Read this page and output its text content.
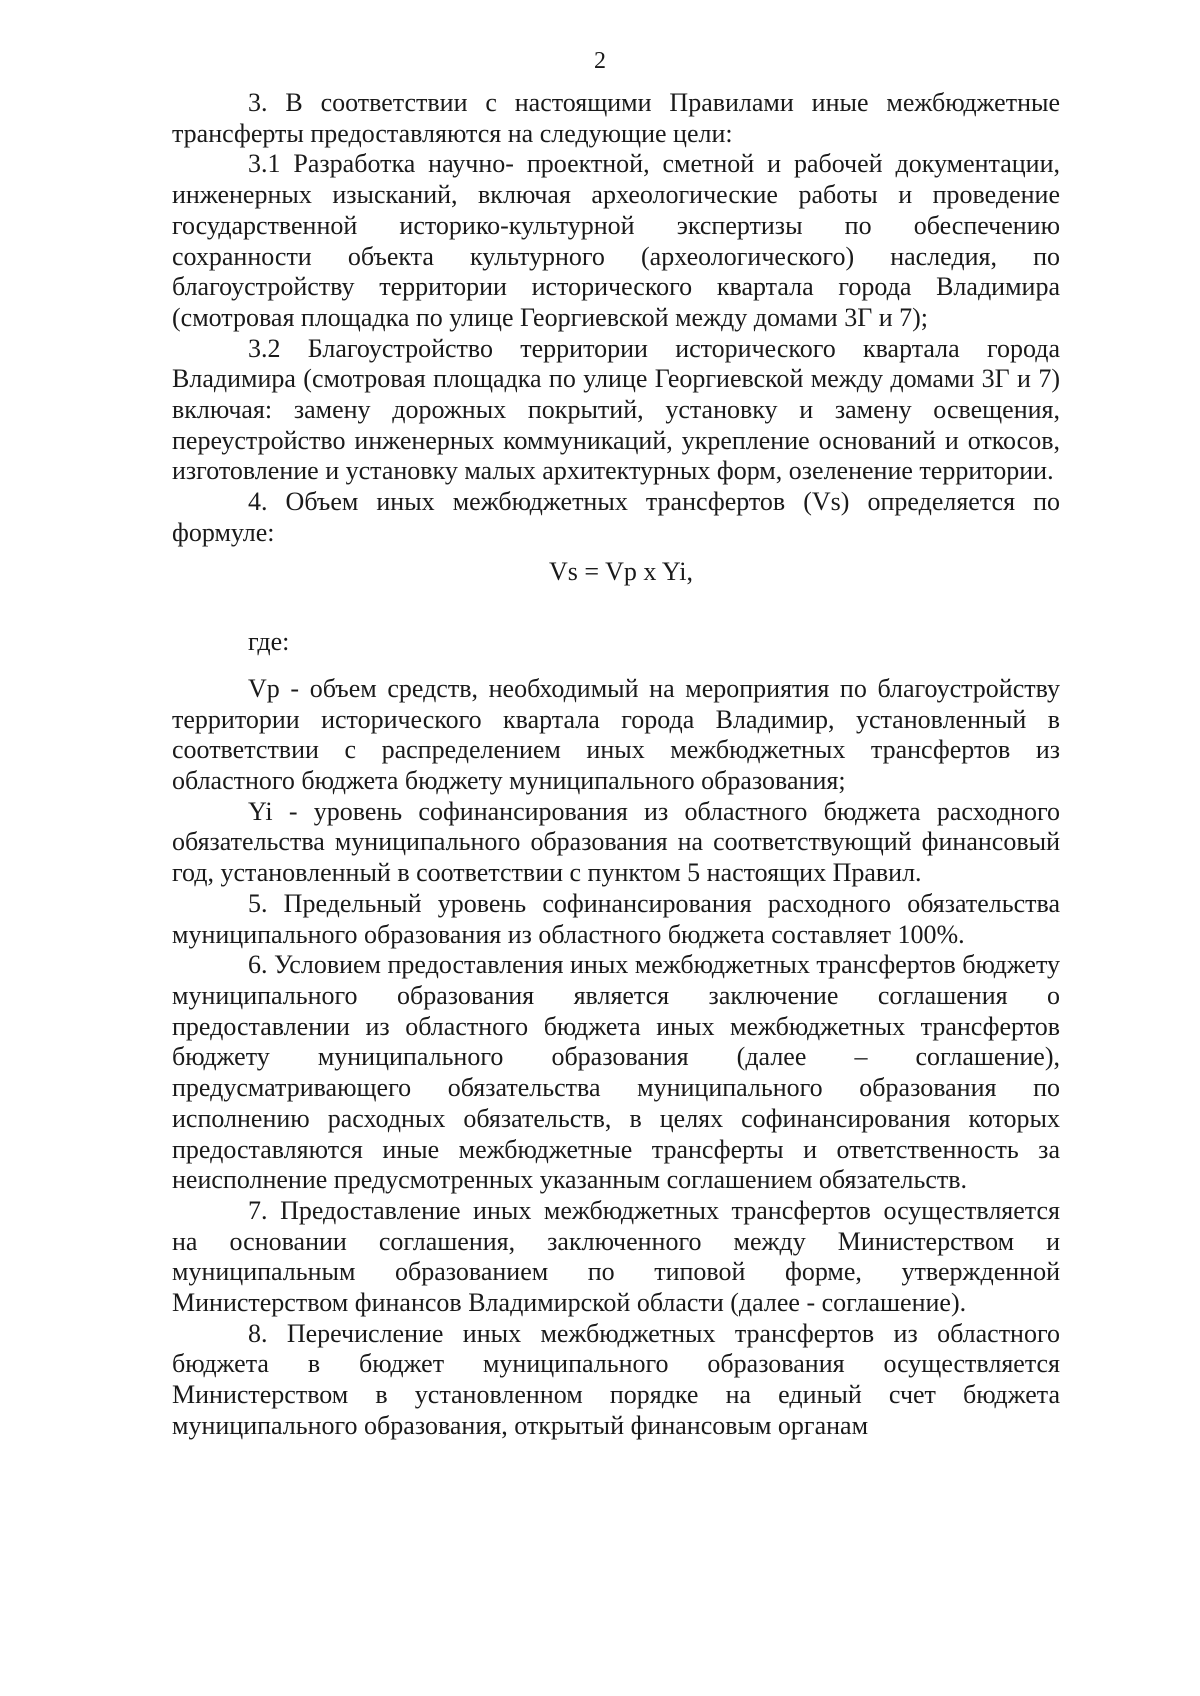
2

3. В соответствии с настоящими Правилами иные межбюджетные трансферты предоставляются на следующие цели:

3.1 Разработка научно- проектной, сметной и рабочей документации, инженерных изысканий, включая археологические работы и проведение государственной историко-культурной экспертизы по обеспечению сохранности объекта культурного (археологического) наследия, по благоустройству территории исторического квартала города Владимира (смотровая площадка по улице Георгиевской между домами 3Г и 7);

3.2 Благоустройство территории исторического квартала города Владимира (смотровая площадка по улице Георгиевской между домами 3Г и 7) включая: замену дорожных покрытий, установку и замену освещения, переустройство инженерных коммуникаций, укрепление оснований и откосов, изготовление и установку малых архитектурных форм, озеленение территории.

4. Объем иных межбюджетных трансфертов (Vs) определяется по формуле:

Vs = Vp x Yi,

где:

Vp - объем средств, необходимый на мероприятия по благоустройству территории исторического квартала города Владимир, установленный в соответствии с распределением иных межбюджетных трансфертов из областного бюджета бюджету муниципального образования;

Yi - уровень софинансирования из областного бюджета расходного обязательства муниципального образования на соответствующий финансовый год, установленный в соответствии с пунктом 5 настоящих Правил.

5. Предельный уровень софинансирования расходного обязательства муниципального образования из областного бюджета составляет 100%.

6. Условием предоставления иных межбюджетных трансфертов бюджету муниципального образования является заключение соглашения о предоставлении из областного бюджета иных межбюджетных трансфертов бюджету муниципального образования (далее – соглашение), предусматривающего обязательства муниципального образования по исполнению расходных обязательств, в целях софинансирования которых предоставляются иные межбюджетные трансферты и ответственность за неисполнение предусмотренных указанным соглашением обязательств.

7. Предоставление иных межбюджетных трансфертов осуществляется на основании соглашения, заключенного между Министерством и муниципальным образованием по типовой форме, утвержденной Министерством финансов Владимирской области (далее - соглашение).

8. Перечисление иных межбюджетных трансфертов из областного бюджета в бюджет муниципального образования осуществляется Министерством в установленном порядке на единый счет бюджета муниципального образования, открытый финансовым органам
